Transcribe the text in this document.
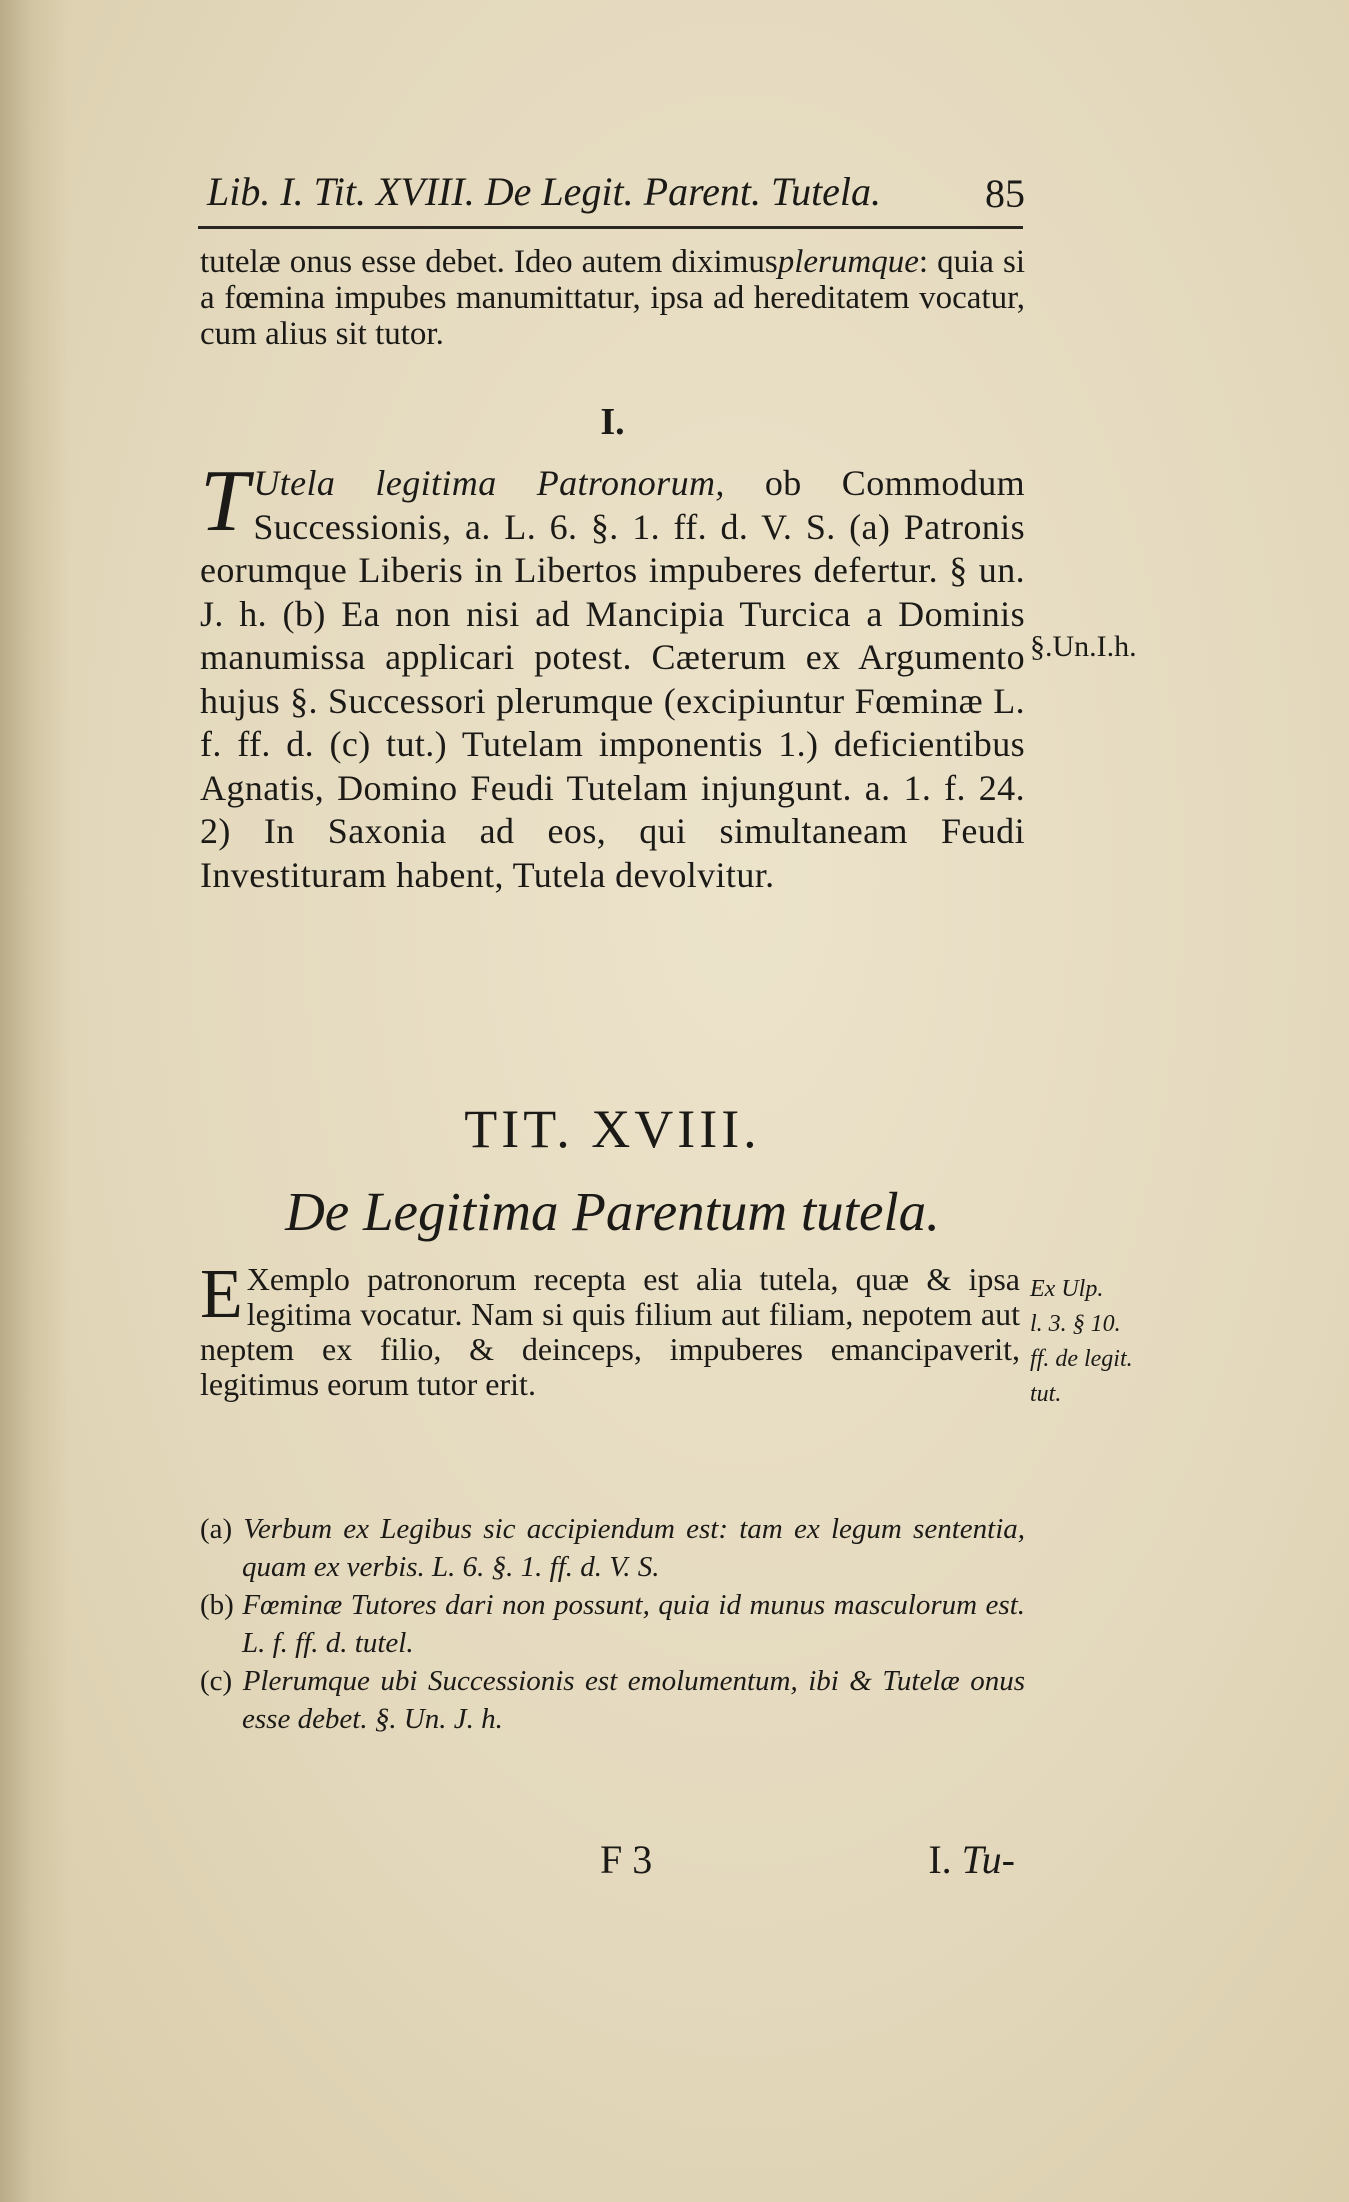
Lib. I. Tit. XVIII. De Legit. Parent. Tutela.	85
tutelæ onus esse debet. Ideo autem diximusplerumque: quia si a fœmina impubes manumittatur, ipsa ad hereditatem vocatur, cum alius sit tutor.
I.
T Utela legitima Patronorum, ob Commodum Successionis, a. L. 6. §. 1. ff. d. V. S. (a) Patronis eorumque Liberis in Libertos impuberes defertur. § un. J. h. (b) Ea non nisi ad Mancipia Turcica a Dominis manumissa applicari potest. Cæterum ex Argumento hujus §. Successori plerumque (excipiuntur Fœminæ L. f. ff. d. (c) tut.) Tutelam imponentis 1.) deficientibus Agnatis, Domino Feudi Tutelam injungunt. a. 1. f. 24. 2) In Saxonia ad eos, qui simultaneam Feudi Investituram habent, Tutela devolvitur.
§.Un.I.h.
TIT. XVIII.
De Legitima Parentum tutela.
E Xemplo patronorum recepta est alia tutela, quæ & ipsa legitima vocatur. Nam si quis filium aut filiam, nepotem aut neptem ex filio, & deinceps, impuberes emancipaverit, legitimus eorum tutor erit.
Ex Ulp.
l. 3. § 10.
ff. de legit.
tut.
(a) Verbum ex Legibus sic accipiendum est: tam ex legum sententia, quam ex verbis. L. 6. §. 1. ff. d. V. S.
(b) Fœminæ Tutores dari non possunt, quia id munus masculorum est. L. f. ff. d. tutel.
(c) Plerumque ubi Successionis est emolumentum, ibi & Tutelæ onus esse debet. §. Un. J. h.
F 3	I. Tu-
